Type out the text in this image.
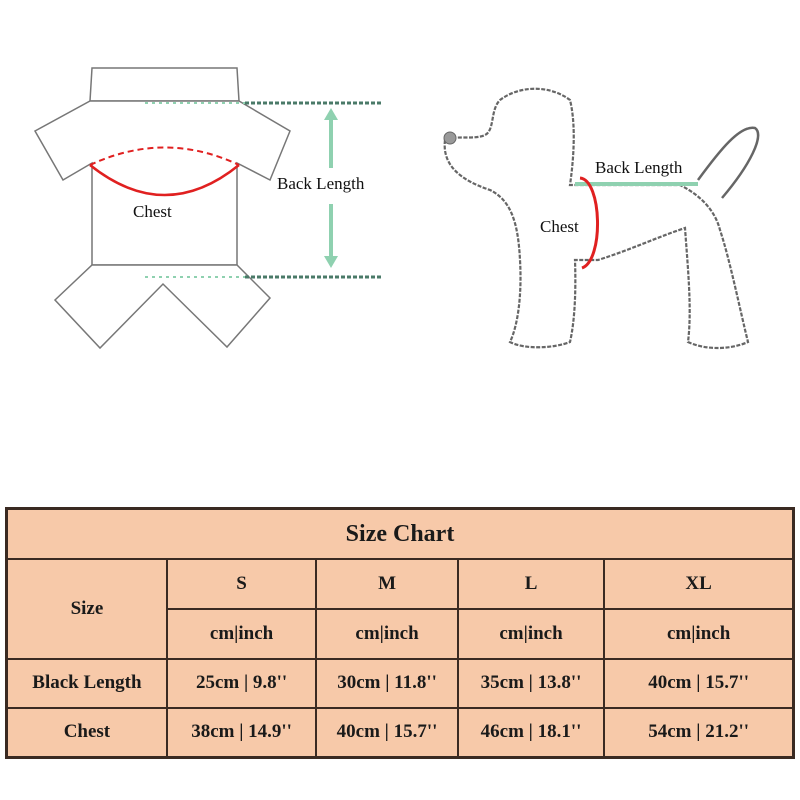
Chest
Back Length
Back Length
Chest
Size Chart				
Size	S	M	L	XL
	cm|inch	cm|inch	cm|inch	cm|inch
Black Length	25cm | 9.8''	30cm | 11.8''	35cm | 13.8''	40cm | 15.7''
Chest	38cm | 14.9''	40cm | 15.7''	46cm | 18.1''	54cm | 21.2''
